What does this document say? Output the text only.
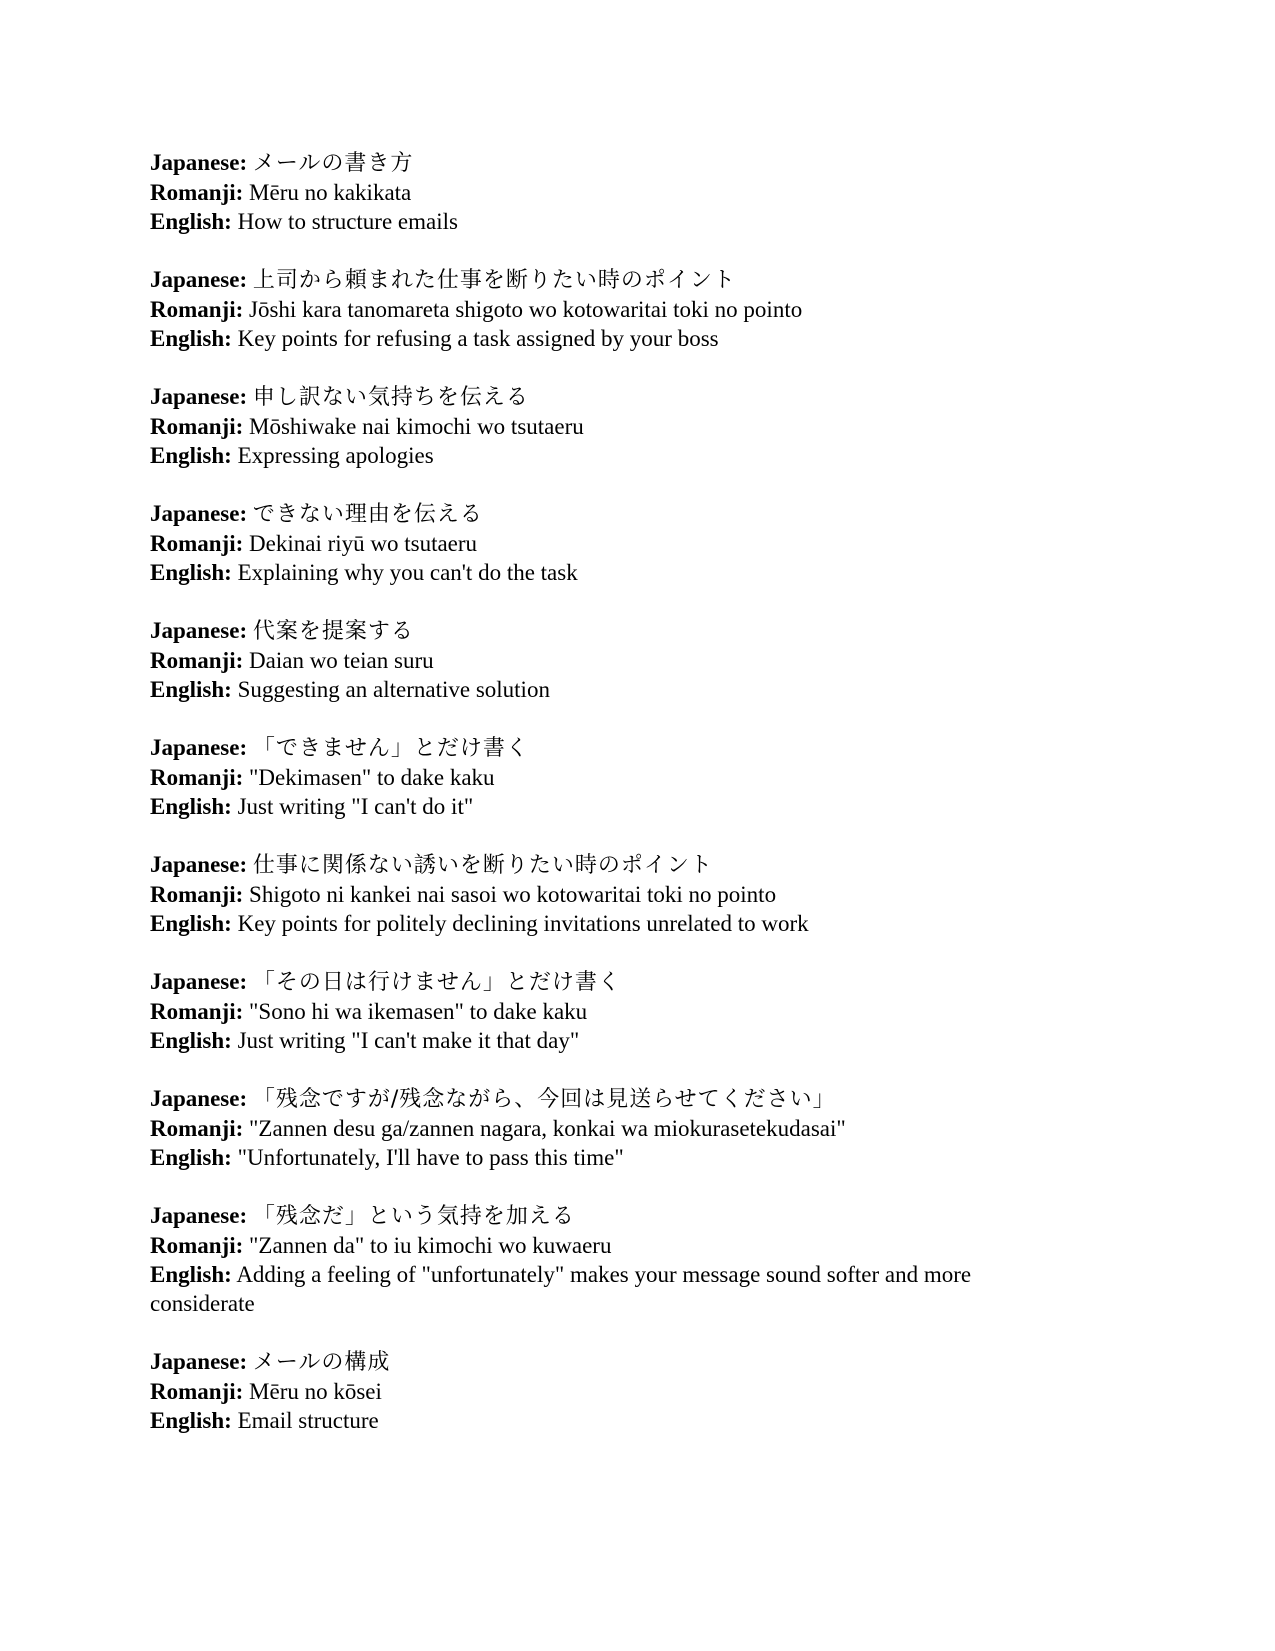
Japanese: メールの書き方
Romanji: Mēru no kakikata
English: How to structure emails
Japanese: 上司から頼まれた仕事を断りたい時のポイント
Romanji: Jōshi kara tanomareta shigoto wo kotowaritai toki no pointo
English: Key points for refusing a task assigned by your boss
Japanese: 申し訳ない気持ちを伝える
Romanji: Mōshiwake nai kimochi wo tsutaeru
English: Expressing apologies
Japanese: できない理由を伝える
Romanji: Dekinai riyū wo tsutaeru
English: Explaining why you can't do the task
Japanese: 代案を提案する
Romanji: Daian wo teian suru
English: Suggesting an alternative solution
Japanese: 「できません」とだけ書く
Romanji: "Dekimasen" to dake kaku
English: Just writing "I can't do it"
Japanese: 仕事に関係ない誘いを断りたい時のポイント
Romanji: Shigoto ni kankei nai sasoi wo kotowaritai toki no pointo
English: Key points for politely declining invitations unrelated to work
Japanese: 「その日は行けません」とだけ書く
Romanji: "Sono hi wa ikemasen" to dake kaku
English: Just writing "I can't make it that day"
Japanese: 「残念ですが/残念ながら、今回は見送らせてください」
Romanji: "Zannen desu ga/zannen nagara, konkai wa miokurasetekudasai"
English: "Unfortunately, I'll have to pass this time"
Japanese: 「残念だ」という気持を加える
Romanji: "Zannen da" to iu kimochi wo kuwaeru
English: Adding a feeling of "unfortunately" makes your message sound softer and more considerate
Japanese: メールの構成
Romanji: Mēru no kōsei
English: Email structure
